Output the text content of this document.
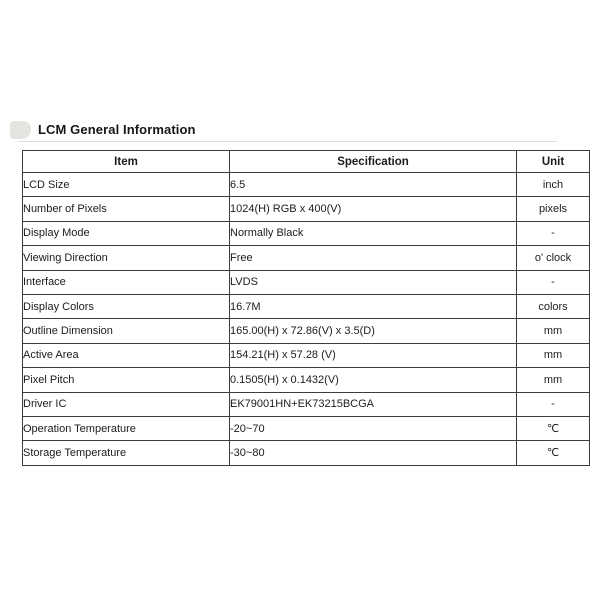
LCM General Information
Item	Specification	Unit
LCD Size	6.5	inch
Number of Pixels	1024(H) RGB x 400(V)	pixels
Display Mode	Normally Black	-
Viewing Direction	Free	o' clock
Interface	LVDS	-
Display Colors	16.7M	colors
Outline Dimension	165.00(H) x 72.86(V) x 3.5(D)	mm
Active Area	154.21(H) x 57.28 (V)	mm
Pixel Pitch	0.1505(H) x 0.1432(V)	mm
Driver IC	EK79001HN+EK73215BCGA	-
Operation Temperature	-20~70	℃
Storage Temperature	-30~80	℃
